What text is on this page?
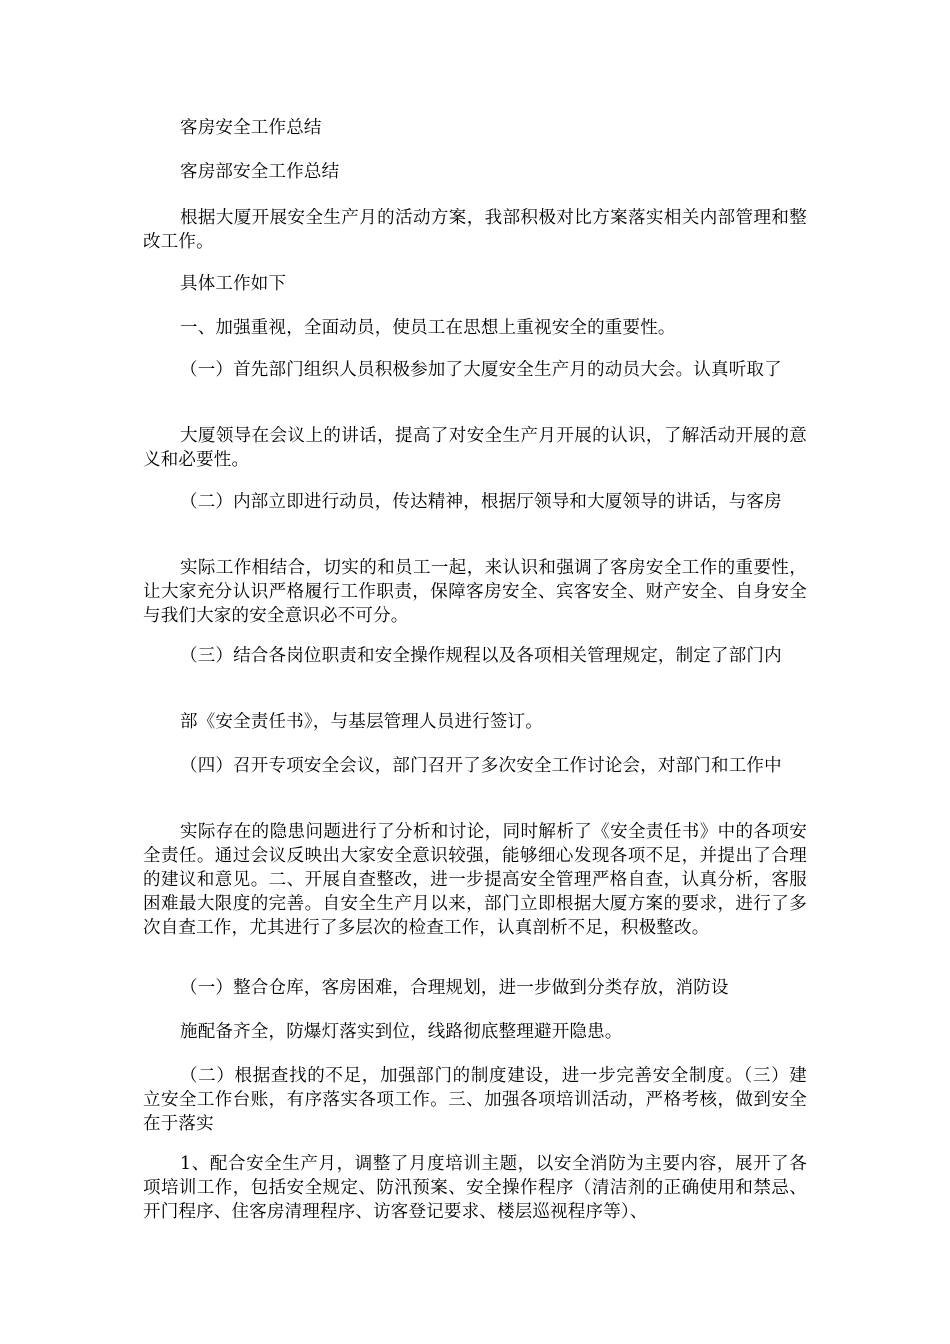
客房安全工作总结

客房部安全工作总结

根据大厦开展安全生产月的活动方案，我部积极对比方案落实相关内部管理和整改工作。

具体工作如下

一、加强重视，全面动员，使员工在思想上重视安全的重要性。

（一）首先部门组织人员积极参加了大厦安全生产月的动员大会。认真听取了

大厦领导在会议上的讲话，提高了对安全生产月开展的认识，了解活动开展的意义和必要性。

（二）内部立即进行动员，传达精神，根据厅领导和大厦领导的讲话，与客房

实际工作相结合，切实的和员工一起，来认识和强调了客房安全工作的重要性，让大家充分认识严格履行工作职责，保障客房安全、宾客安全、财产安全、自身安全与我们大家的安全意识必不可分。

（三）结合各岗位职责和安全操作规程以及各项相关管理规定，制定了部门内

部《安全责任书》，与基层管理人员进行签订。

（四）召开专项安全会议，部门召开了多次安全工作讨论会，对部门和工作中

实际存在的隐患问题进行了分析和讨论，同时解析了《安全责任书》中的各项安全责任。通过会议反映出大家安全意识较强，能够细心发现各项不足，并提出了合理的建议和意见。二、开展自查整改，进一步提高安全管理严格自查，认真分析，客服困难最大限度的完善。自安全生产月以来，部门立即根据大厦方案的要求，进行了多次自查工作，尤其进行了多层次的检查工作，认真剖析不足，积极整改。

（一）整合仓库，客房困难，合理规划，进一步做到分类存放，消防设

施配备齐全，防爆灯落实到位，线路彻底整理避开隐患。

（二）根据查找的不足，加强部门的制度建设，进一步完善安全制度。（三）建立安全工作台账，有序落实各项工作。三、加强各项培训活动，严格考核，做到安全在于落实

1、配合安全生产月，调整了月度培训主题，以安全消防为主要内容，展开了各项培训工作，包括安全规定、防汛预案、安全操作程序（清洁剂的正确使用和禁忌、开门程序、住客房清理程序、访客登记要求、楼层巡视程序等）、
